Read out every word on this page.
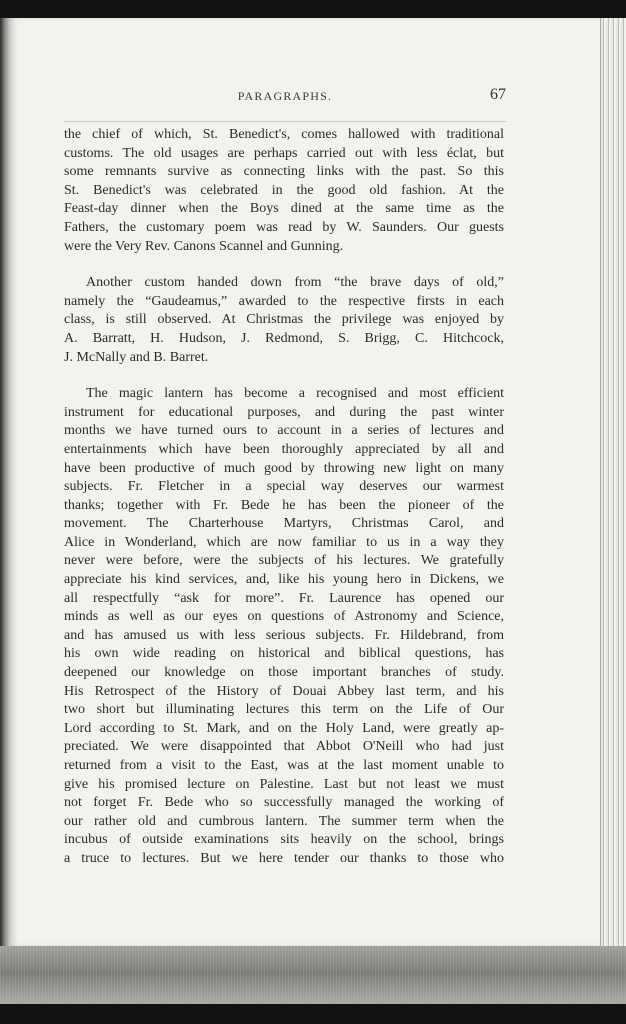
PARAGRAPHS.	67
the chief of which, St. Benedict's, comes hallowed with traditional
customs. The old usages are perhaps carried out with less éclat, but
some remnants survive as connecting links with the past. So this
St. Benedict's was celebrated in the good old fashion. At the
Feast-day dinner when the Boys dined at the same time as the
Fathers, the customary poem was read by W. Saunders. Our guests
were the Very Rev. Canons Scannel and Gunning.
Another custom handed down from “the brave days of old,”
namely the “Gaudeamus,” awarded to the respective firsts in each
class, is still observed. At Christmas the privilege was enjoyed by
A. Barratt, H. Hudson, J. Redmond, S. Brigg, C. Hitchcock,
J. McNally and B. Barret.
The magic lantern has become a recognised and most efficient
instrument for educational purposes, and during the past winter
months we have turned ours to account in a series of lectures and
entertainments which have been thoroughly appreciated by all and
have been productive of much good by throwing new light on many
subjects. Fr. Fletcher in a special way deserves our warmest
thanks; together with Fr. Bede he has been the pioneer of the
movement. The Charterhouse Martyrs, Christmas Carol, and
Alice in Wonderland, which are now familiar to us in a way they
never were before, were the subjects of his lectures. We gratefully
appreciate his kind services, and, like his young hero in Dickens, we
all respectfully “ask for more”. Fr. Laurence has opened our
minds as well as our eyes on questions of Astronomy and Science,
and has amused us with less serious subjects. Fr. Hildebrand, from
his own wide reading on historical and biblical questions, has
deepened our knowledge on those important branches of study.
His Retrospect of the History of Douai Abbey last term, and his
two short but illuminating lectures this term on the Life of Our
Lord according to St. Mark, and on the Holy Land, were greatly ap-
preciated. We were disappointed that Abbot O'Neill who had just
returned from a visit to the East, was at the last moment unable to
give his promised lecture on Palestine. Last but not least we must
not forget Fr. Bede who so successfully managed the working of
our rather old and cumbrous lantern. The summer term when the
incubus of outside examinations sits heavily on the school, brings
a truce to lectures. But we here tender our thanks to those who
